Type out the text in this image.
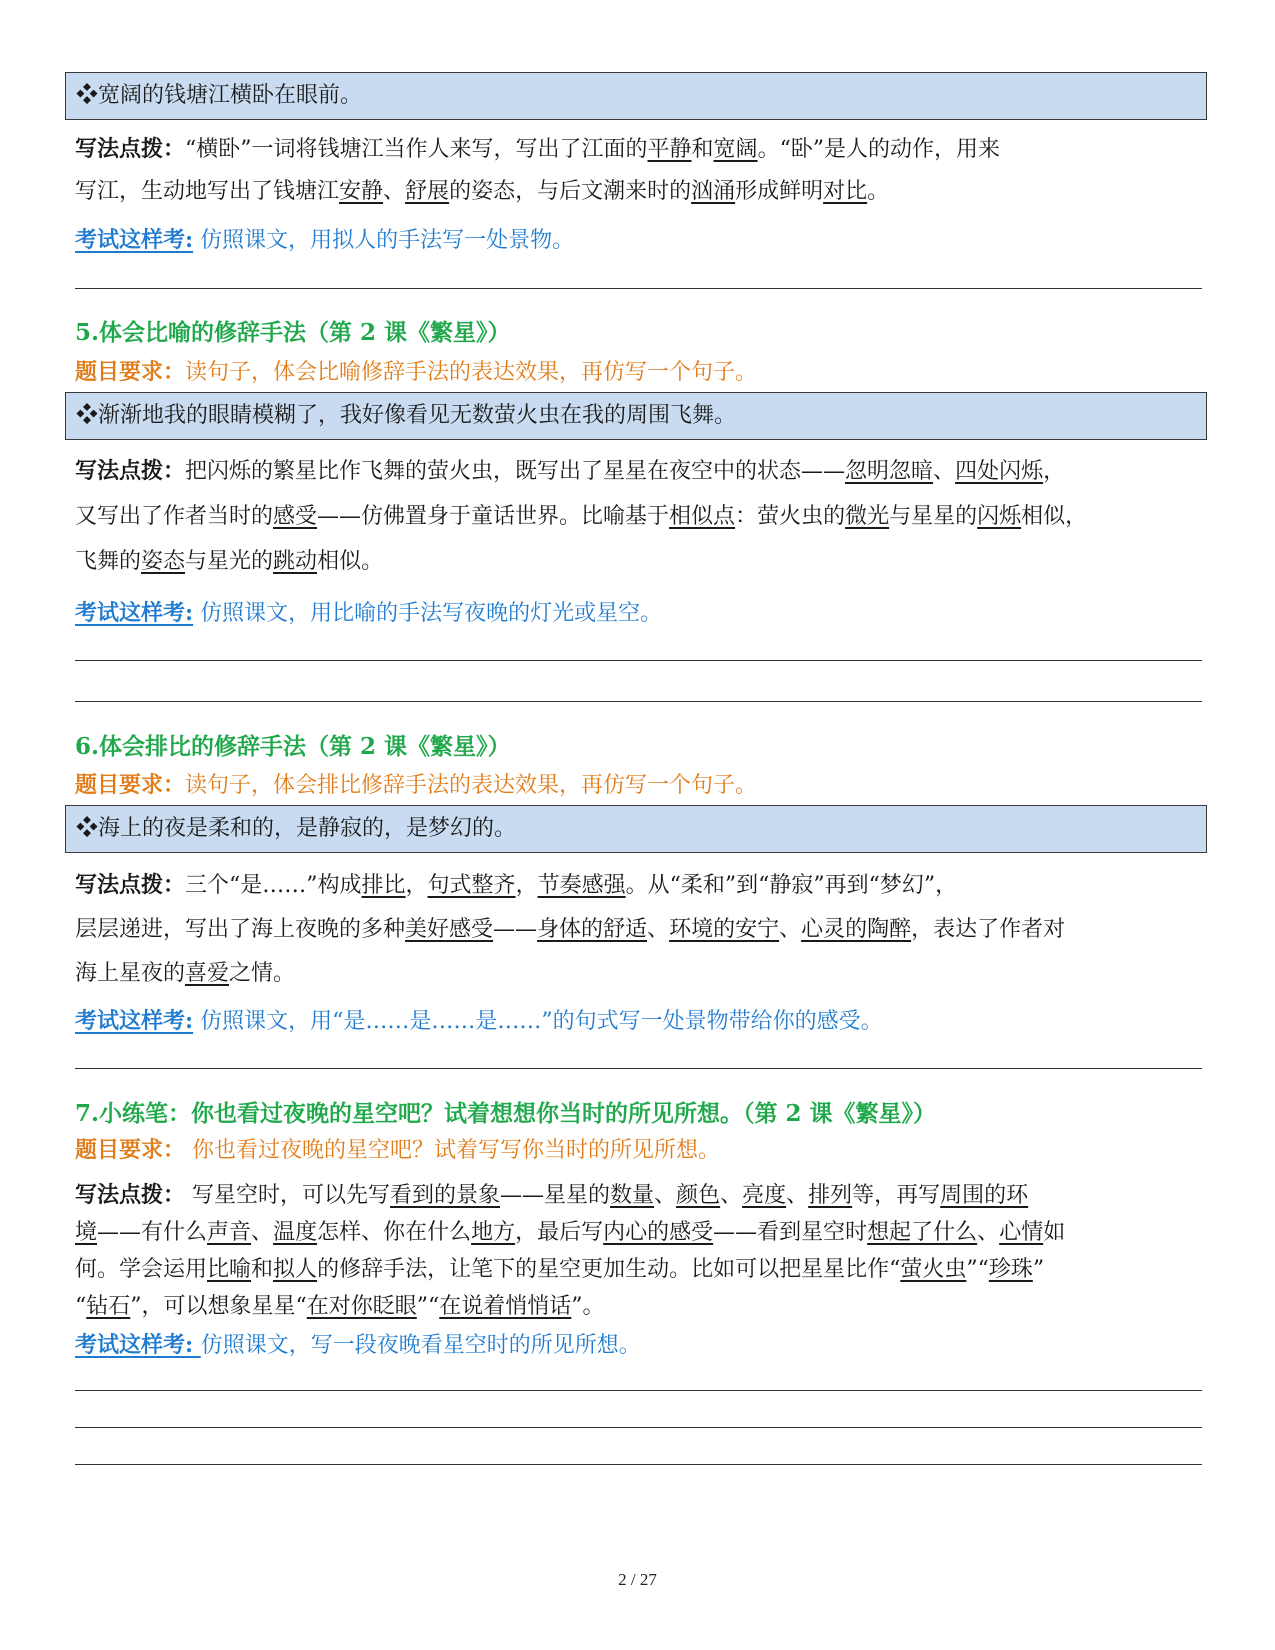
❖宽阔的钱塘江横卧在眼前。
写法点拨：“横卧”一词将钱塘江当作人来写，写出了江面的平静和宽阔。“卧”是人的动作，用来
写江，生动地写出了钱塘江安静、舒展的姿态，与后文潮来时的汹涌形成鲜明对比。
考试这样考: 仿照课文，用拟人的手法写一处景物。
5.体会比喻的修辞手法（第 2 课《繁星》）
题目要求：读句子，体会比喻修辞手法的表达效果，再仿写一个句子。
❖渐渐地我的眼睛模糊了，我好像看见无数萤火虫在我的周围飞舞。
写法点拨：把闪烁的繁星比作飞舞的萤火虫，既写出了星星在夜空中的状态——忽明忽暗、四处闪烁，
又写出了作者当时的感受——仿佛置身于童话世界。比喻基于相似点：萤火虫的微光与星星的闪烁相似，
飞舞的姿态与星光的跳动相似。
考试这样考: 仿照课文，用比喻的手法写夜晚的灯光或星空。
6.体会排比的修辞手法（第 2 课《繁星》）
题目要求：读句子，体会排比修辞手法的表达效果，再仿写一个句子。
❖海上的夜是柔和的，是静寂的，是梦幻的。
写法点拨：三个“是……”构成排比，句式整齐，节奏感强。从“柔和”到“静寂”再到“梦幻”，
层层递进，写出了海上夜晚的多种美好感受——身体的舒适、环境的安宁、心灵的陶醉，表达了作者对
海上星夜的喜爱之情。
考试这样考: 仿照课文，用“是……是……是……”的句式写一处景物带给你的感受。
7.小练笔：你也看过夜晚的星空吧？试着想想你当时的所见所想。（第 2 课《繁星》）
题目要求： 你也看过夜晚的星空吧？试着写写你当时的所见所想。
写法点拨： 写星空时，可以先写看到的景象——星星的数量、颜色、亮度、排列等，再写周围的环
境——有什么声音、温度怎样、你在什么地方，最后写内心的感受——看到星空时想起了什么、心情如
何。学会运用比喻和拟人的修辞手法，让笔下的星空更加生动。比如可以把星星比作“萤火虫”“珍珠”
“钻石”，可以想象星星“在对你眨眼”“在说着悄悄话”。
考试这样考: 仿照课文，写一段夜晚看星空时的所见所想。
2 / 27
